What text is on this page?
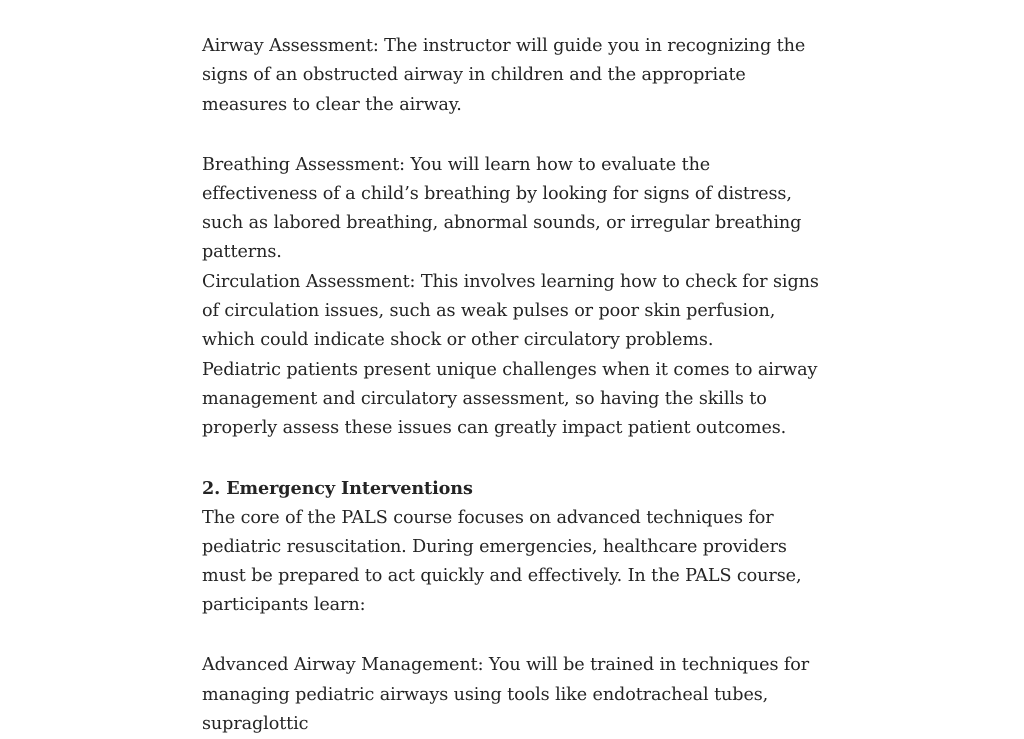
Airway Assessment: The instructor will guide you in recognizing the signs of an obstructed airway in children and the appropriate measures to clear the airway.

Breathing Assessment: You will learn how to evaluate the effectiveness of a child’s breathing by looking for signs of distress, such as labored breathing, abnormal sounds, or irregular breathing patterns.

Circulation Assessment: This involves learning how to check for signs of circulation issues, such as weak pulses or poor skin perfusion, which could indicate shock or other circulatory problems.

Pediatric patients present unique challenges when it comes to airway management and circulatory assessment, so having the skills to properly assess these issues can greatly impact patient outcomes.

2. Emergency Interventions

The core of the PALS course focuses on advanced techniques for pediatric resuscitation. During emergencies, healthcare providers must be prepared to act quickly and effectively. In the PALS course, participants learn:

Advanced Airway Management: You will be trained in techniques for managing pediatric airways using tools like endotracheal tubes, supraglottic
